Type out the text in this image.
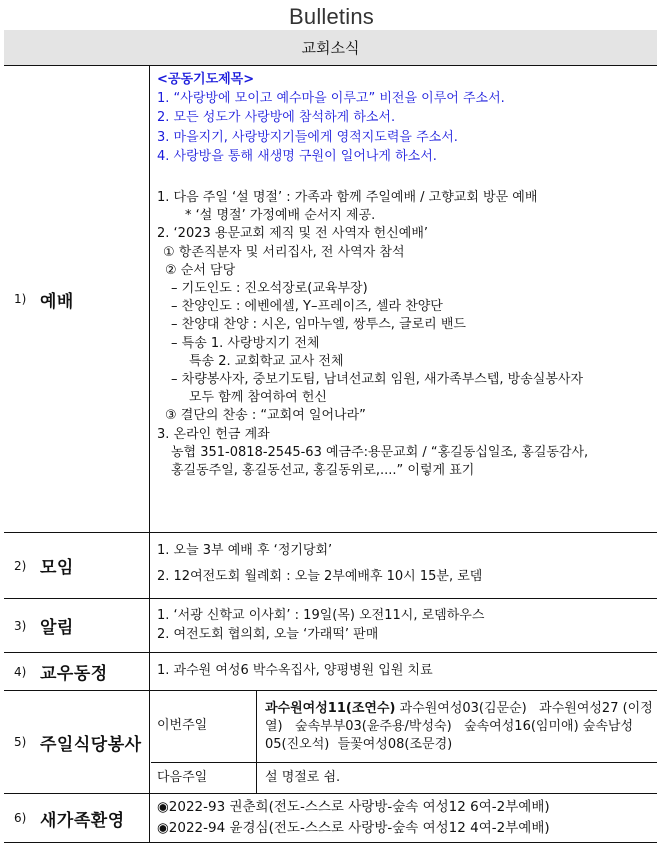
Bulletins
교회소식
1) 예배
<공동기도제목>
1. “사랑방에 모이고 예수마을 이루고” 비전을 이루어 주소서.
2. 모든 성도가 사랑방에 참석하게 하소서.
3. 마을지기, 사랑방지기들에게 영적지도력을 주소서.
4. 사랑방을 통해 새생명 구원이 일어나게 하소서.
1. 다음 주일 ‘설 명절’ : 가족과 함께 주일예배 / 고향교회 방문 예배
* ‘설 명절’ 가정예배 순서지 제공.
2. ‘2023 용문교회 제직 및 전 사역자 헌신예배’
① 항존직분자 및 서리집사, 전 사역자 참석
② 순서 담당
– 기도인도 : 진오석장로(교육부장)
– 찬양인도 : 에벤에셀, Y–프레이즈, 셀라 찬양단
– 찬양대 찬양 : 시온, 임마누엘, 쌍투스, 글로리 밴드
– 특송 1. 사랑방지기 전체
특송 2. 교회학교 교사 전체
– 차량봉사자, 중보기도팀, 남녀선교회 임원, 새가족부스텝, 방송실봉사자
모두 함께 참여하여 헌신
③ 결단의 찬송 : “교회여 일어나라”
3. 온라인 헌금 계좌
농협 351-0818-2545-63 예금주:용문교회 / “홍길동십일조, 홍길동감사,
홍길동주일, 홍길동선교, 홍길동위로,....” 이렇게 표기
2) 모임
1. 오늘 3부 예배 후 ‘정기당회’
2. 12여전도회 월례회 : 오늘 2부예배후 10시 15분, 로뎀
3) 알림
1. ‘서광 신학교 이사회’ : 19일(목) 오전11시, 로뎀하우스
2. 여전도회 협의회, 오늘 ‘가래떡’ 판매
4) 교우동정	1. 과수원 여성6 박수옥집사, 양평병원 입원 치료
5) 주일식당봉사
이번주일
과수원여성11(조연수) 과수원여성03(김문순)   과수원여성27 (이정열)   숲속부부03(윤주용/박성숙)   숲속여성16(임미애) 숲속남성05(진오석)  들꽃여성08(조문경)
다음주일	설 명절로 쉼.
6) 새가족환영
◉2022-93 권춘희(전도-스스로 사랑방-숲속 여성12 6여-2부예배)
◉2022-94 윤경심(전도-스스로 사랑방-숲속 여성12 4여-2부예배)
